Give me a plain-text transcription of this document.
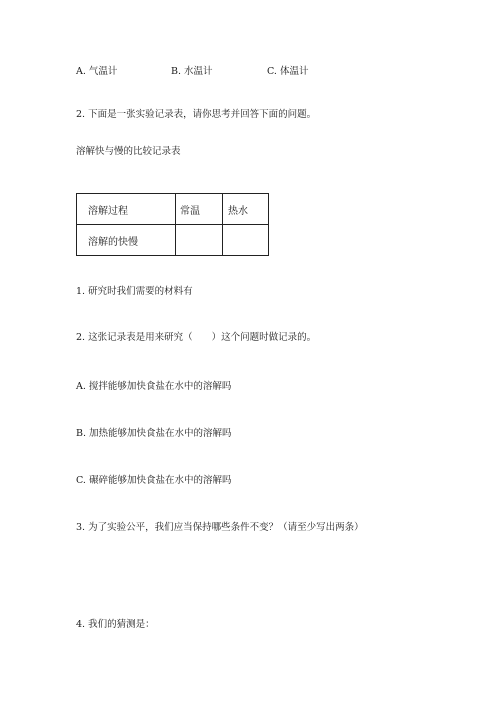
A. 气温计	B. 水温计	C. 体温计
2. 下面是一张实验记录表，请你思考并回答下面的问题。
溶解快与慢的比较记录表
溶解过程	常温	热水
溶解的快慢		
1. 研究时我们需要的材料有
2. 这张记录表是用来研究（　　）这个问题时做记录的。
A. 搅拌能够加快食盐在水中的溶解吗
B. 加热能够加快食盐在水中的溶解吗
C. 碾碎能够加快食盐在水中的溶解吗
3. 为了实验公平，我们应当保持哪些条件不变？（请至少写出两条）
4. 我们的猜测是：
